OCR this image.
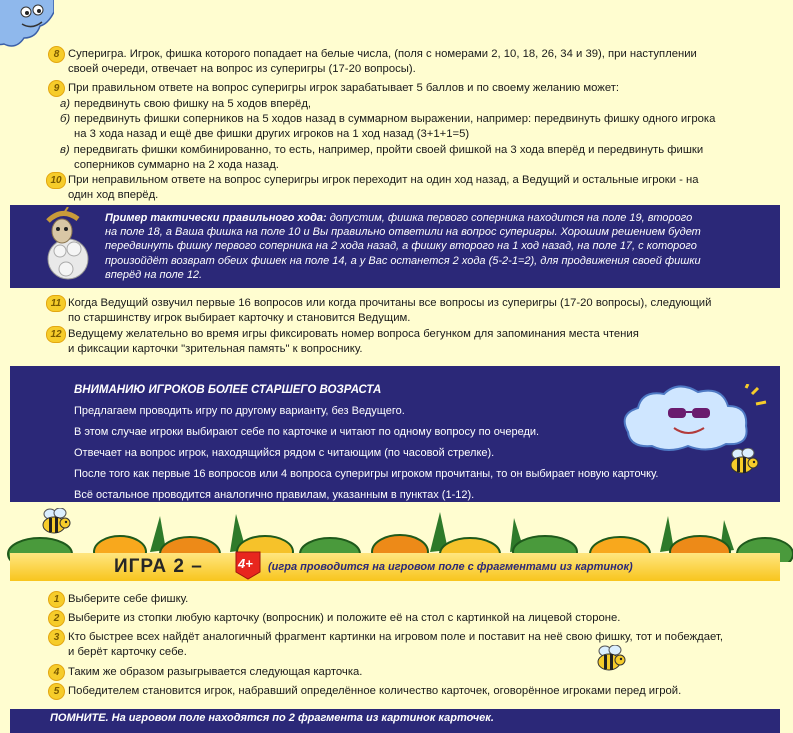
8 Суперигра. Игрок, фишка которого попадает на белые числа, (поля с номерами 2, 10, 18, 26, 34 и 39), при наступлении
своей очереди, отвечает на вопрос из суперигры (17-20 вопросы).
9 При правильном ответе на вопрос суперигры игрок зарабатывает 5 баллов и по своему желанию может:
а) передвинуть свою фишку на 5 ходов вперёд,
б) передвинуть фишки соперников на 5 ходов назад в суммарном выражении, например: передвинуть фишку одного игрока
на 3 хода назад и ещё две фишки других игроков на 1 ход назад (3+1+1=5)
в) передвигать фишки комбинированно, то есть, например, пройти своей фишкой на 3 хода вперёд и передвинуть фишки
соперников суммарно на 2 хода назад.
10 При неправильном ответе на вопрос суперигры игрок переходит на один ход назад, а Ведущий и остальные игроки - на
один ход вперёд.
Пример тактически правильного хода: допустим, фишка первого соперника находится на поле 19, второго
на поле 18, а Ваша фишка на поле 10 и Вы правильно ответили на вопрос суперигры. Хорошим решением будет
передвинуть фишку первого соперника на 2 хода назад, а фишку второго на 1 ход назад, на поле 17, с которого
произойдёт возврат обеих фишек на поле 14, а у Вас останется 2 хода (5-2-1=2), для продвижения своей фишки
вперёд на поле 12.
11 Когда Ведущий озвучил первые 16 вопросов или когда прочитаны все вопросы из суперигры (17-20 вопросы), следующий
по старшинству игрок выбирает карточку и становится Ведущим.
12 Ведущему желательно во время игры фиксировать номер вопроса бегунком для запоминания места чтения
и фиксации карточки "зрительная память" к вопроснику.
ВНИМАНИЮ ИГРОКОВ БОЛЕЕ СТАРШЕГО ВОЗРАСТА
Предлагаем проводить игру по другому варианту, без Ведущего.
В этом случае игроки выбирают себе по карточке и читают по одному вопросу по очереди.
Отвечает на вопрос игрок, находящийся рядом с читающим (по часовой стрелке).
После того как первые 16 вопросов или 4 вопроса суперигры игроком прочитаны, то он выбирает новую карточку.
Всё остальное проводится аналогично правилам, указанным в пунктах (1-12).
ИГРА 2 –	4+ (игра проводится на игровом поле с фрагментами из картинок)
1 Выберите себе фишку.
2 Выберите из стопки любую карточку (вопросник) и положите её на стол с картинкой на лицевой стороне.
3 Кто быстрее всех найдёт аналогичный фрагмент картинки на игровом поле и поставит на неё свою фишку, тот и побеждает,
и берёт карточку себе.
4 Таким же образом разыгрывается следующая карточка.
5 Победителем становится игрок, набравший определённое количество карточек, оговорённое игроками перед игрой.
ПОМНИТЕ. На игровом поле находятся по 2 фрагмента из картинок карточек.
